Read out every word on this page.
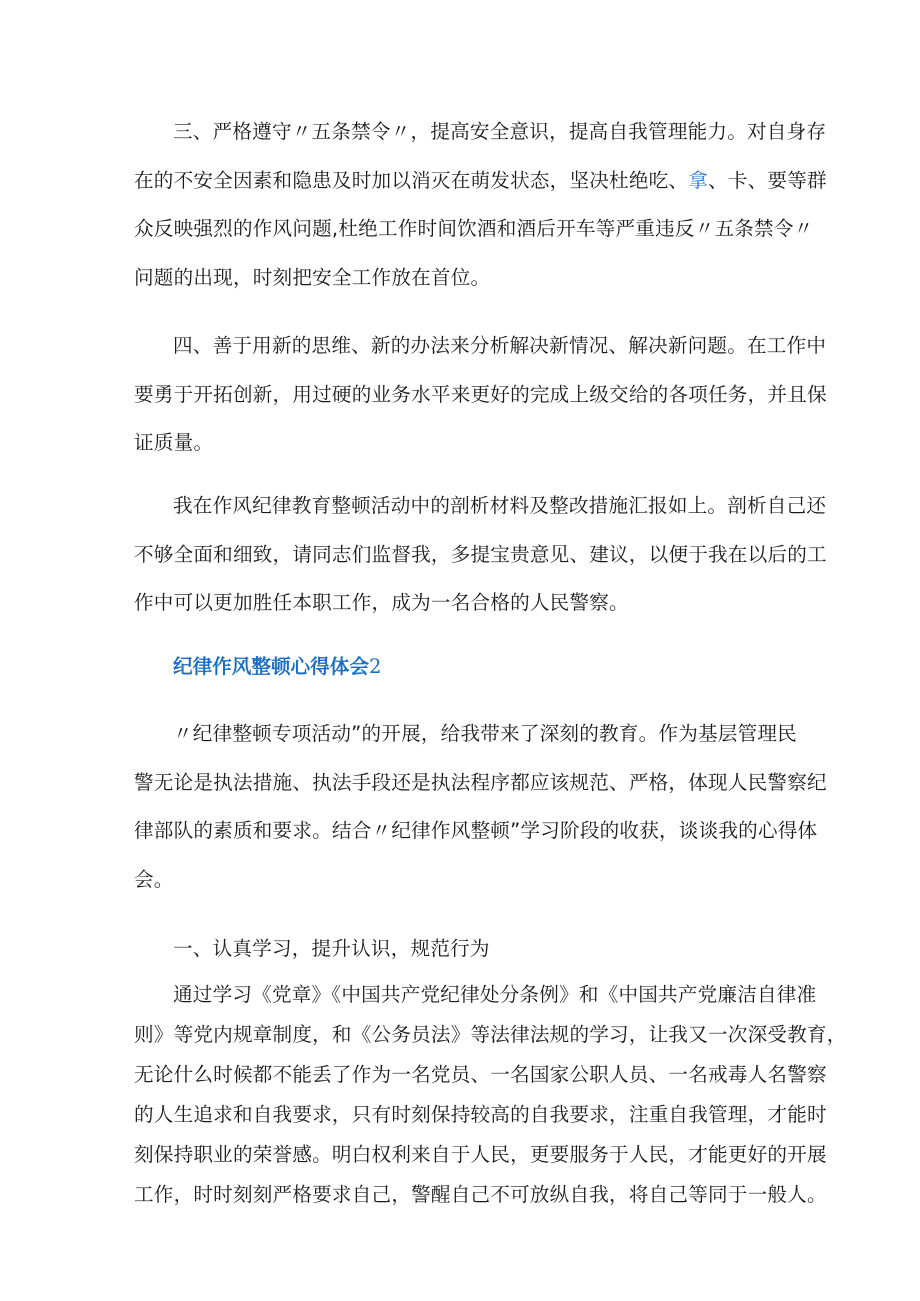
三、严格遵守〃五条禁令〃，提高安全意识，提高自我管理能力。对自身存
在的不安全因素和隐患及时加以消灭在萌发状态，坚决杜绝吃、拿、卡、要等群
众反映强烈的作风问题,杜绝工作时间饮酒和酒后开车等严重违反〃五条禁令〃
问题的出现，时刻把安全工作放在首位。
四、善于用新的思维、新的办法来分析解决新情况、解决新问题。在工作中
要勇于开拓创新，用过硬的业务水平来更好的完成上级交给的各项任务，并且保
证质量。
我在作风纪律教育整顿活动中的剖析材料及整改措施汇报如上。剖析自己还
不够全面和细致，请同志们监督我，多提宝贵意见、建议，以便于我在以后的工
作中可以更加胜任本职工作，成为一名合格的人民警察。
纪律作风整顿心得体会2
〃纪律整顿专项活动”的开展，给我带来了深刻的教育。作为基层管理民
警无论是执法措施、执法手段还是执法程序都应该规范、严格，体现人民警察纪
律部队的素质和要求。结合〃纪律作风整顿”学习阶段的收获，谈谈我的心得体
会。
一、认真学习，提升认识，规范行为
通过学习《党章》《中国共产党纪律处分条例》和《中国共产党廉洁自律准
则》等党内规章制度，和《公务员法》等法律法规的学习，让我又一次深受教育，
无论什么时候都不能丢了作为一名党员、一名国家公职人员、一名戒毒人名警察
的人生追求和自我要求，只有时刻保持较高的自我要求，注重自我管理，才能时
刻保持职业的荣誉感。明白权利来自于人民，更要服务于人民，才能更好的开展
工作，时时刻刻严格要求自己，警醒自己不可放纵自我，将自己等同于一般人。
